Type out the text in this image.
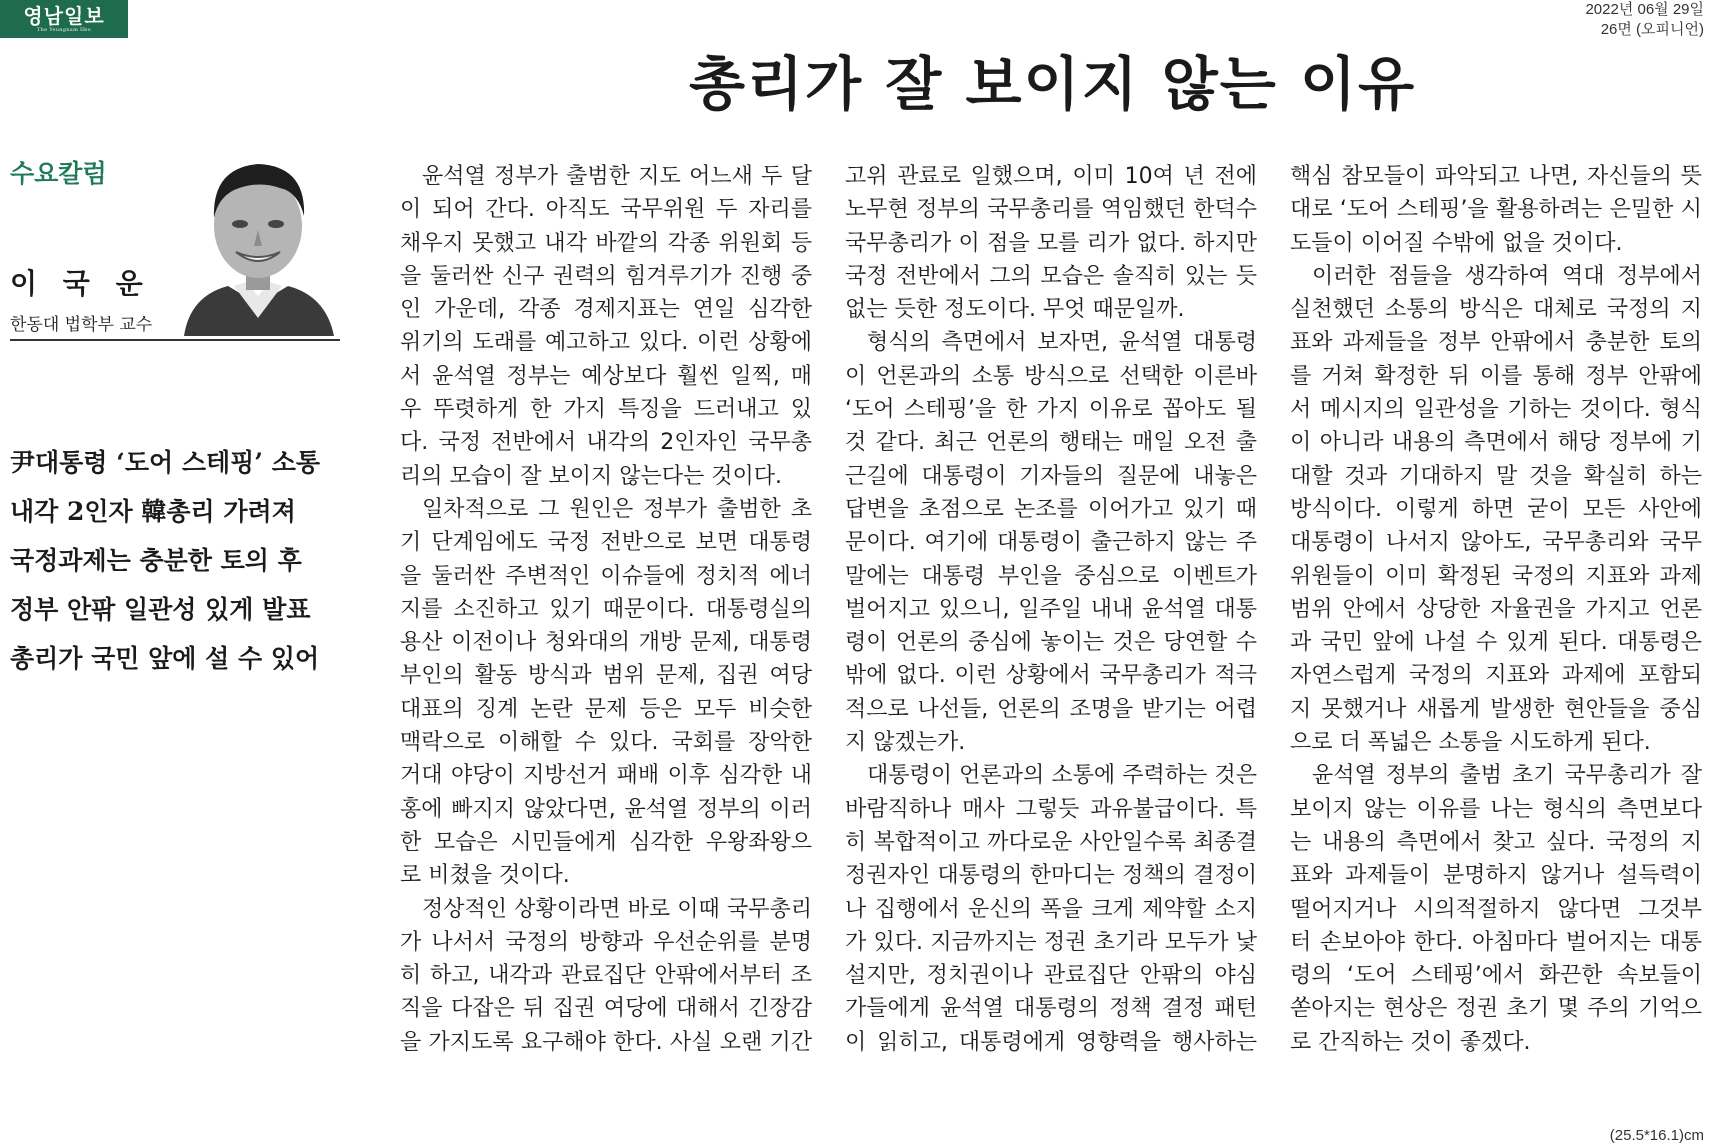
영남일보
The Yeungnam Ilbo
2022년 06월 29일
26면 (오피니언)
총리가 잘 보이지 않는 이유
수요칼럼
이 국 운
한동대 법학부 교수
尹대통령 ‘도어 스테핑’ 소통
내각 2인자 韓총리 가려져
국정과제는 충분한 토의 후
정부 안팎 일관성 있게 발표
총리가 국민 앞에 설 수 있어

윤석열 정부가 출범한 지도 어느새 두 달
이 되어 간다. 아직도 국무위원 두 자리를
채우지 못했고 내각 바깥의 각종 위원회 등
을 둘러싼 신구 권력의 힘겨루기가 진행 중
인 가운데, 각종 경제지표는 연일 심각한
위기의 도래를 예고하고 있다. 이런 상황에
서 윤석열 정부는 예상보다 훨씬 일찍, 매
우 뚜렷하게 한 가지 특징을 드러내고 있
다. 국정 전반에서 내각의 2인자인 국무총
리의 모습이 잘 보이지 않는다는 것이다.

일차적으로 그 원인은 정부가 출범한 초
기 단계임에도 국정 전반으로 보면 대통령
을 둘러싼 주변적인 이슈들에 정치적 에너
지를 소진하고 있기 때문이다. 대통령실의
용산 이전이나 청와대의 개방 문제, 대통령
부인의 활동 방식과 범위 문제, 집권 여당
대표의 징계 논란 문제 등은 모두 비슷한
맥락으로 이해할 수 있다. 국회를 장악한
거대 야당이 지방선거 패배 이후 심각한 내
홍에 빠지지 않았다면, 윤석열 정부의 이러
한 모습은 시민들에게 심각한 우왕좌왕으
로 비쳤을 것이다.

정상적인 상황이라면 바로 이때 국무총리
가 나서서 국정의 방향과 우선순위를 분명
히 하고, 내각과 관료집단 안팎에서부터 조
직을 다잡은 뒤 집권 여당에 대해서 긴장감
을 가지도록 요구해야 한다. 사실 오랜 기간

고위 관료로 일했으며, 이미 10여 년 전에
노무현 정부의 국무총리를 역임했던 한덕수
국무총리가 이 점을 모를 리가 없다. 하지만
국정 전반에서 그의 모습은 솔직히 있는 듯
없는 듯한 정도이다. 무엇 때문일까.

형식의 측면에서 보자면, 윤석열 대통령
이 언론과의 소통 방식으로 선택한 이른바
‘도어 스테핑’을 한 가지 이유로 꼽아도 될
것 같다. 최근 언론의 행태는 매일 오전 출
근길에 대통령이 기자들의 질문에 내놓은
답변을 초점으로 논조를 이어가고 있기 때
문이다. 여기에 대통령이 출근하지 않는 주
말에는 대통령 부인을 중심으로 이벤트가
벌어지고 있으니, 일주일 내내 윤석열 대통
령이 언론의 중심에 놓이는 것은 당연할 수
밖에 없다. 이런 상황에서 국무총리가 적극
적으로 나선들, 언론의 조명을 받기는 어렵
지 않겠는가.

대통령이 언론과의 소통에 주력하는 것은
바람직하나 매사 그렇듯 과유불급이다. 특
히 복합적이고 까다로운 사안일수록 최종결
정권자인 대통령의 한마디는 정책의 결정이
나 집행에서 운신의 폭을 크게 제약할 소지
가 있다. 지금까지는 정권 초기라 모두가 낯
설지만, 정치권이나 관료집단 안팎의 야심
가들에게 윤석열 대통령의 정책 결정 패턴
이 읽히고, 대통령에게 영향력을 행사하는

핵심 참모들이 파악되고 나면, 자신들의 뜻
대로 ‘도어 스테핑’을 활용하려는 은밀한 시
도들이 이어질 수밖에 없을 것이다.

이러한 점들을 생각하여 역대 정부에서
실천했던 소통의 방식은 대체로 국정의 지
표와 과제들을 정부 안팎에서 충분한 토의
를 거쳐 확정한 뒤 이를 통해 정부 안팎에
서 메시지의 일관성을 기하는 것이다. 형식
이 아니라 내용의 측면에서 해당 정부에 기
대할 것과 기대하지 말 것을 확실히 하는
방식이다. 이렇게 하면 굳이 모든 사안에
대통령이 나서지 않아도, 국무총리와 국무
위원들이 이미 확정된 국정의 지표와 과제
범위 안에서 상당한 자율권을 가지고 언론
과 국민 앞에 나설 수 있게 된다. 대통령은
자연스럽게 국정의 지표와 과제에 포함되
지 못했거나 새롭게 발생한 현안들을 중심
으로 더 폭넓은 소통을 시도하게 된다.

윤석열 정부의 출범 초기 국무총리가 잘
보이지 않는 이유를 나는 형식의 측면보다
는 내용의 측면에서 찾고 싶다. 국정의 지
표와 과제들이 분명하지 않거나 설득력이
떨어지거나 시의적절하지 않다면 그것부
터 손보아야 한다. 아침마다 벌어지는 대통
령의 ‘도어 스테핑’에서 화끈한 속보들이
쏟아지는 현상은 정권 초기 몇 주의 기억으
로 간직하는 것이 좋겠다.

(25.5*16.1)cm
